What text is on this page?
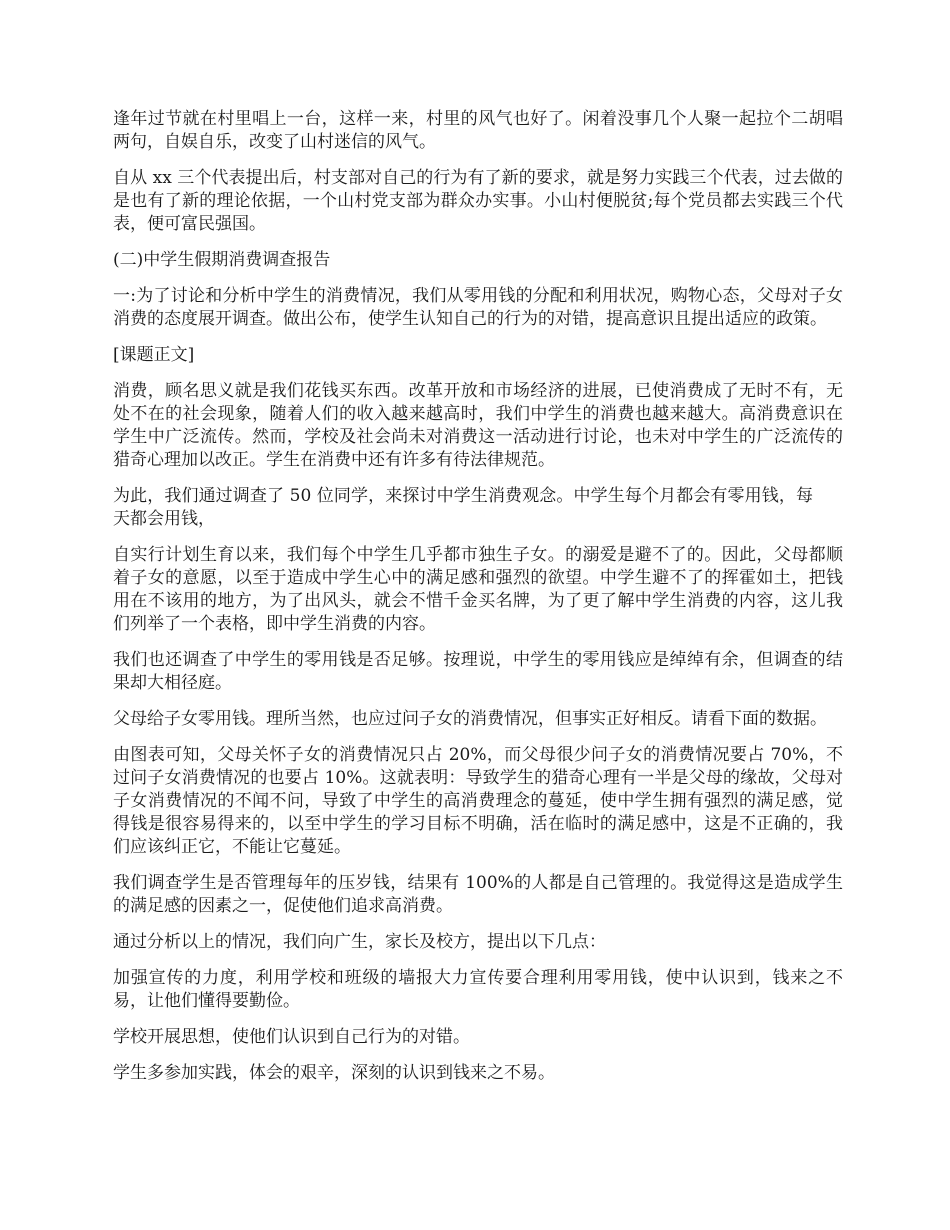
逢年过节就在村里唱上一台，这样一来，村里的风气也好了。闲着没事几个人聚一起拉个二胡唱两句，自娱自乐，改变了山村迷信的风气。

自从 xx 三个代表提出后，村支部对自己的行为有了新的要求，就是努力实践三个代表，过去做的是也有了新的理论依据，一个山村党支部为群众办实事。小山村便脱贫;每个党员都去实践三个代表，便可富民强国。

(二)中学生假期消费调查报告

一:为了讨论和分析中学生的消费情况，我们从零用钱的分配和利用状况，购物心态，父母对子女消费的态度展开调查。做出公布，使学生认知自己的行为的对错，提高意识且提出适应的政策。

[课题正文]

消费，顾名思义就是我们花钱买东西。改革开放和市场经济的进展，已使消费成了无时不有，无处不在的社会现象，随着人们的收入越来越高时，我们中学生的消费也越来越大。高消费意识在学生中广泛流传。然而，学校及社会尚未对消费这一活动进行讨论，也未对中学生的广泛流传的猎奇心理加以改正。学生在消费中还有许多有待法律规范。

为此，我们通过调查了 50 位同学，来探讨中学生消费观念。中学生每个月都会有零用钱，每天都会用钱，

自实行计划生育以来，我们每个中学生几乎都市独生子女。的溺爱是避不了的。因此，父母都顺着子女的意愿，以至于造成中学生心中的满足感和强烈的欲望。中学生避不了的挥霍如土，把钱用在不该用的地方，为了出风头，就会不惜千金买名牌，为了更了解中学生消费的内容，这儿我们列举了一个表格，即中学生消费的内容。

我们也还调查了中学生的零用钱是否足够。按理说，中学生的零用钱应是绰绰有余，但调查的结果却大相径庭。

父母给子女零用钱。理所当然，也应过问子女的消费情况，但事实正好相反。请看下面的数据。

由图表可知，父母关怀子女的消费情况只占 20%，而父母很少问子女的消费情况要占 70%，不过问子女消费情况的也要占 10%。这就表明：导致学生的猎奇心理有一半是父母的缘故，父母对子女消费情况的不闻不问，导致了中学生的高消费理念的蔓延，使中学生拥有强烈的满足感，觉得钱是很容易得来的，以至中学生的学习目标不明确，活在临时的满足感中，这是不正确的，我们应该纠正它，不能让它蔓延。

我们调查学生是否管理每年的压岁钱，结果有 100%的人都是自己管理的。我觉得这是造成学生的满足感的因素之一，促使他们追求高消费。

通过分析以上的情况，我们向广生，家长及校方，提出以下几点：

加强宣传的力度，利用学校和班级的墙报大力宣传要合理利用零用钱，使中认识到，钱来之不易，让他们懂得要勤俭。

学校开展思想，使他们认识到自己行为的对错。

学生多参加实践，体会的艰辛，深刻的认识到钱来之不易。
